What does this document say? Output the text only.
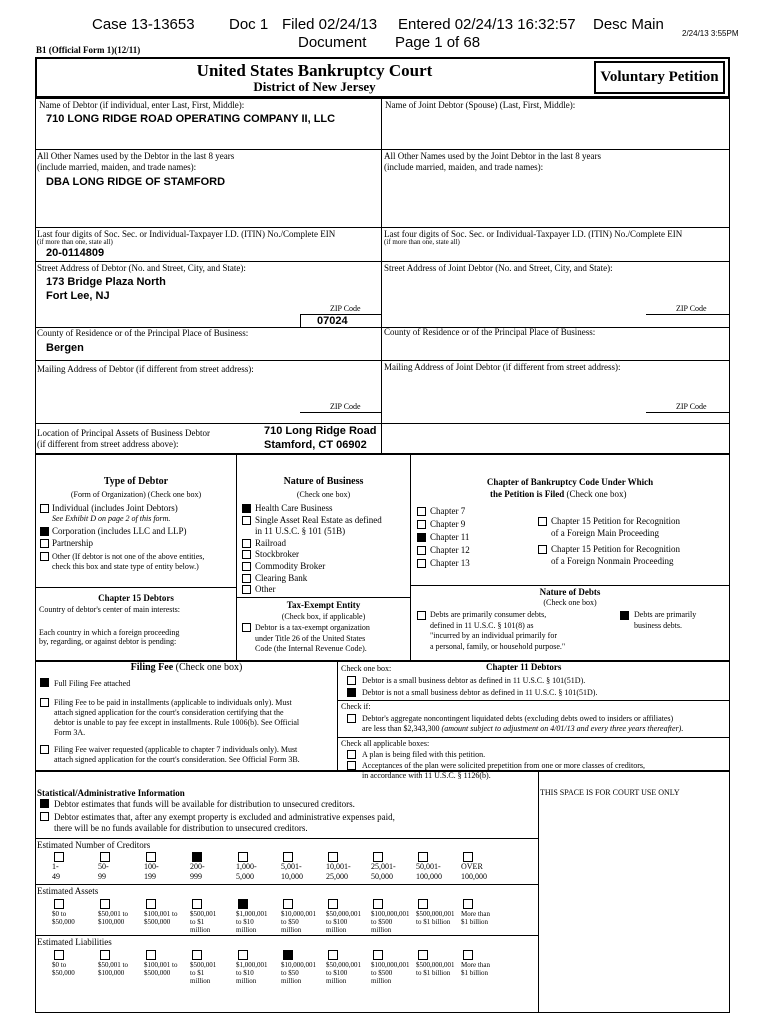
Case 13-13653 Doc 1 Filed 02/24/13 Entered 02/24/13 16:32:57 Desc Main
Document Page 1 of 68
2/24/13 3:55PM
B1 (Official Form 1)(12/11)
United States Bankruptcy Court
District of New Jersey
Voluntary Petition
Name of Debtor (if individual, enter Last, First, Middle):
710 LONG RIDGE ROAD OPERATING COMPANY II, LLC
Name of Joint Debtor (Spouse) (Last, First, Middle):
All Other Names used by the Debtor in the last 8 years
(include married, maiden, and trade names):
DBA LONG RIDGE OF STAMFORD
All Other Names used by the Joint Debtor in the last 8 years
(include married, maiden, and trade names):
Last four digits of Soc. Sec. or Individual-Taxpayer I.D. (ITIN) No./Complete EIN
(if more than one, state all)
20-0114809
Last four digits of Soc. Sec. or Individual-Taxpayer I.D. (ITIN) No./Complete EIN
(if more than one, state all)
Street Address of Debtor (No. and Street, City, and State):
173 Bridge Plaza North
Fort Lee, NJ
ZIP Code
07024
Street Address of Joint Debtor (No. and Street, City, and State):
ZIP Code
County of Residence or of the Principal Place of Business:
Bergen
County of Residence or of the Principal Place of Business:
Mailing Address of Debtor (if different from street address):
ZIP Code
Mailing Address of Joint Debtor (if different from street address):
ZIP Code
Location of Principal Assets of Business Debtor
(if different from street address above):
710 Long Ridge Road
Stamford, CT 06902
Type of Debtor
(Form of Organization) (Check one box)
Individual (includes Joint Debtors)
See Exhibit D on page 2 of this form.
Corporation (includes LLC and LLP)
Partnership
Other (If debtor is not one of the above entities,
check this box and state type of entity below.)
Chapter 15 Debtors
Country of debtor's center of main interests:
Each country in which a foreign proceeding
by, regarding, or against debtor is pending:
Nature of Business
(Check one box)
Health Care Business
Single Asset Real Estate as defined
in 11 U.S.C. § 101 (51B)
Railroad
Stockbroker
Commodity Broker
Clearing Bank
Other
Tax-Exempt Entity
(Check box, if applicable)
Debtor is a tax-exempt organization
under Title 26 of the United States
Code (the Internal Revenue Code).
Chapter of Bankruptcy Code Under Which
the Petition is Filed (Check one box)
Chapter 7
Chapter 9
Chapter 11
Chapter 12
Chapter 13
Chapter 15 Petition for Recognition
of a Foreign Main Proceeding
Chapter 15 Petition for Recognition
of a Foreign Nonmain Proceeding
Nature of Debts
(Check one box)
Debts are primarily consumer debts,
defined in 11 U.S.C. § 101(8) as
"incurred by an individual primarily for
a personal, family, or household purpose."
Debts are primarily
business debts.
Filing Fee (Check one box)
Full Filing Fee attached
Filing Fee to be paid in installments (applicable to individuals only). Must
attach signed application for the court's consideration certifying that the
debtor is unable to pay fee except in installments. Rule 1006(b). See Official
Form 3A.
Filing Fee waiver requested (applicable to chapter 7 individuals only). Must
attach signed application for the court's consideration. See Official Form 3B.
Check one box:	Chapter 11 Debtors
Debtor is a small business debtor as defined in 11 U.S.C. § 101(51D).
Debtor is not a small business debtor as defined in 11 U.S.C. § 101(51D).
Check if:
Debtor's aggregate noncontingent liquidated debts (excluding debts owed to insiders or affiliates)
are less than $2,343,300 (amount subject to adjustment on 4/01/13 and every three years thereafter).
Check all applicable boxes:
A plan is being filed with this petition.
Acceptances of the plan were solicited prepetition from one or more classes of creditors,
in accordance with 11 U.S.C. § 1126(b).
Statistical/Administrative Information	THIS SPACE IS FOR COURT USE ONLY
Debtor estimates that funds will be available for distribution to unsecured creditors.
Debtor estimates that, after any exempt property is excluded and administrative expenses paid,
there will be no funds available for distribution to unsecured creditors.
Estimated Number of Creditors
1-
49
50-
99
100-
199
200-
999
1,000-
5,000
5,001-
10,000
10,001-
25,000
25,001-
50,000
50,001-
100,000
OVER
100,000
Estimated Assets
$0 to
$50,000
$50,001 to
$100,000
$100,001 to
$500,000
$500,001
to $1
million
$1,000,001
to $10
million
$10,000,001
to $50
million
$50,000,001
to $100
million
$100,000,001
to $500
million
$500,000,001
to $1 billion
More than
$1 billion
Estimated Liabilities
$0 to
$50,000
$50,001 to
$100,000
$100,001 to
$500,000
$500,001
to $1
million
$1,000,001
to $10
million
$10,000,001
to $50
million
$50,000,001
to $100
million
$100,000,001
to $500
million
$500,000,001
to $1 billion
More than
$1 billion
